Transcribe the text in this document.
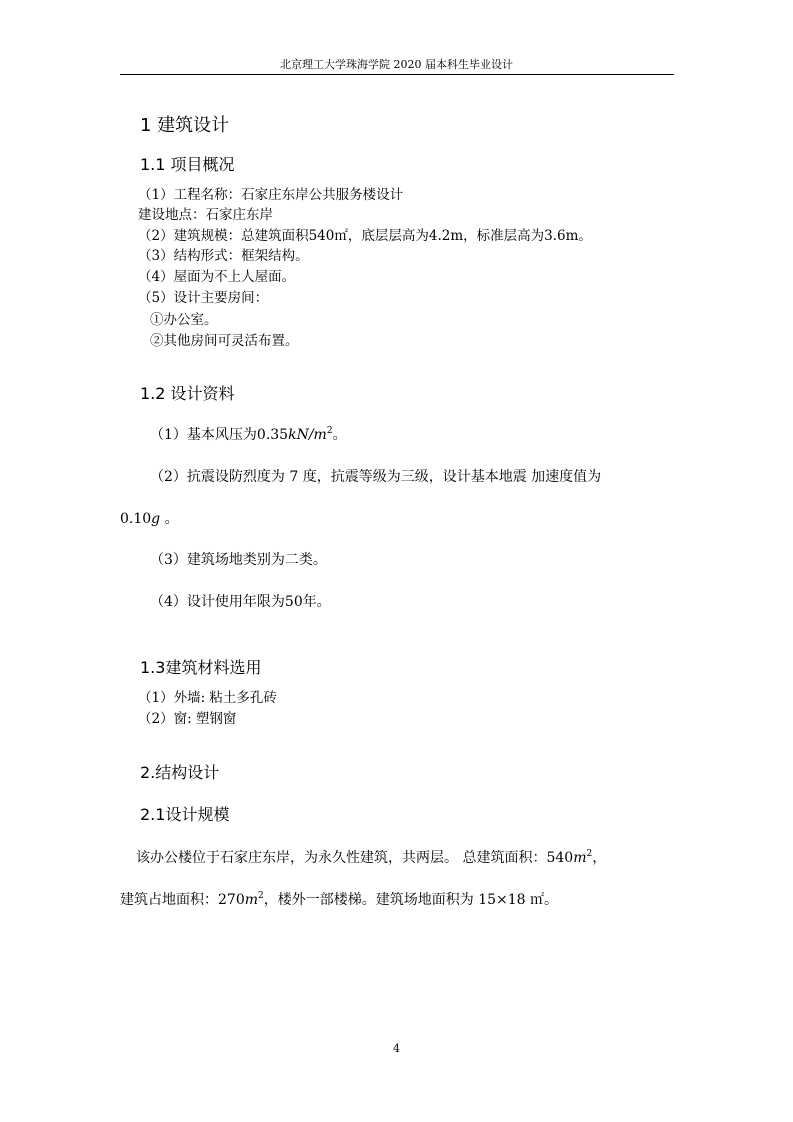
北京理工大学珠海学院 2020 届本科生毕业设计
1 建筑设计
1.1 项目概况
（1）工程名称：石家庄东岸公共服务楼设计
建设地点：石家庄东岸
（2）建筑规模：总建筑面积540㎡，底层层高为4.2m，标准层高为3.6m。
（3）结构形式：框架结构。
（4）屋面为不上人屋面。
（5）设计主要房间：
①办公室。
②其他房间可灵活布置。
1.2 设计资料
（1）基本风压为$0.35kN/m^2$。
（2）抗震设防烈度为 7 度，抗震等级为三级，设计基本地震 加速度值为
0.10g 。
（3）建筑场地类别为二类。
（4）设计使用年限为50年。
1.3建筑材料选用
（1）外墙: 粘土多孔砖
（2）窗: 塑钢窗
2.结构设计
2.1设计规模
该办公楼位于石家庄东岸，为永久性建筑，共两层。 总建筑面积：$540m^2$，
建筑占地面积：$270m^2$，楼外一部楼梯。建筑场地面积为 15×18 ㎡。
4
